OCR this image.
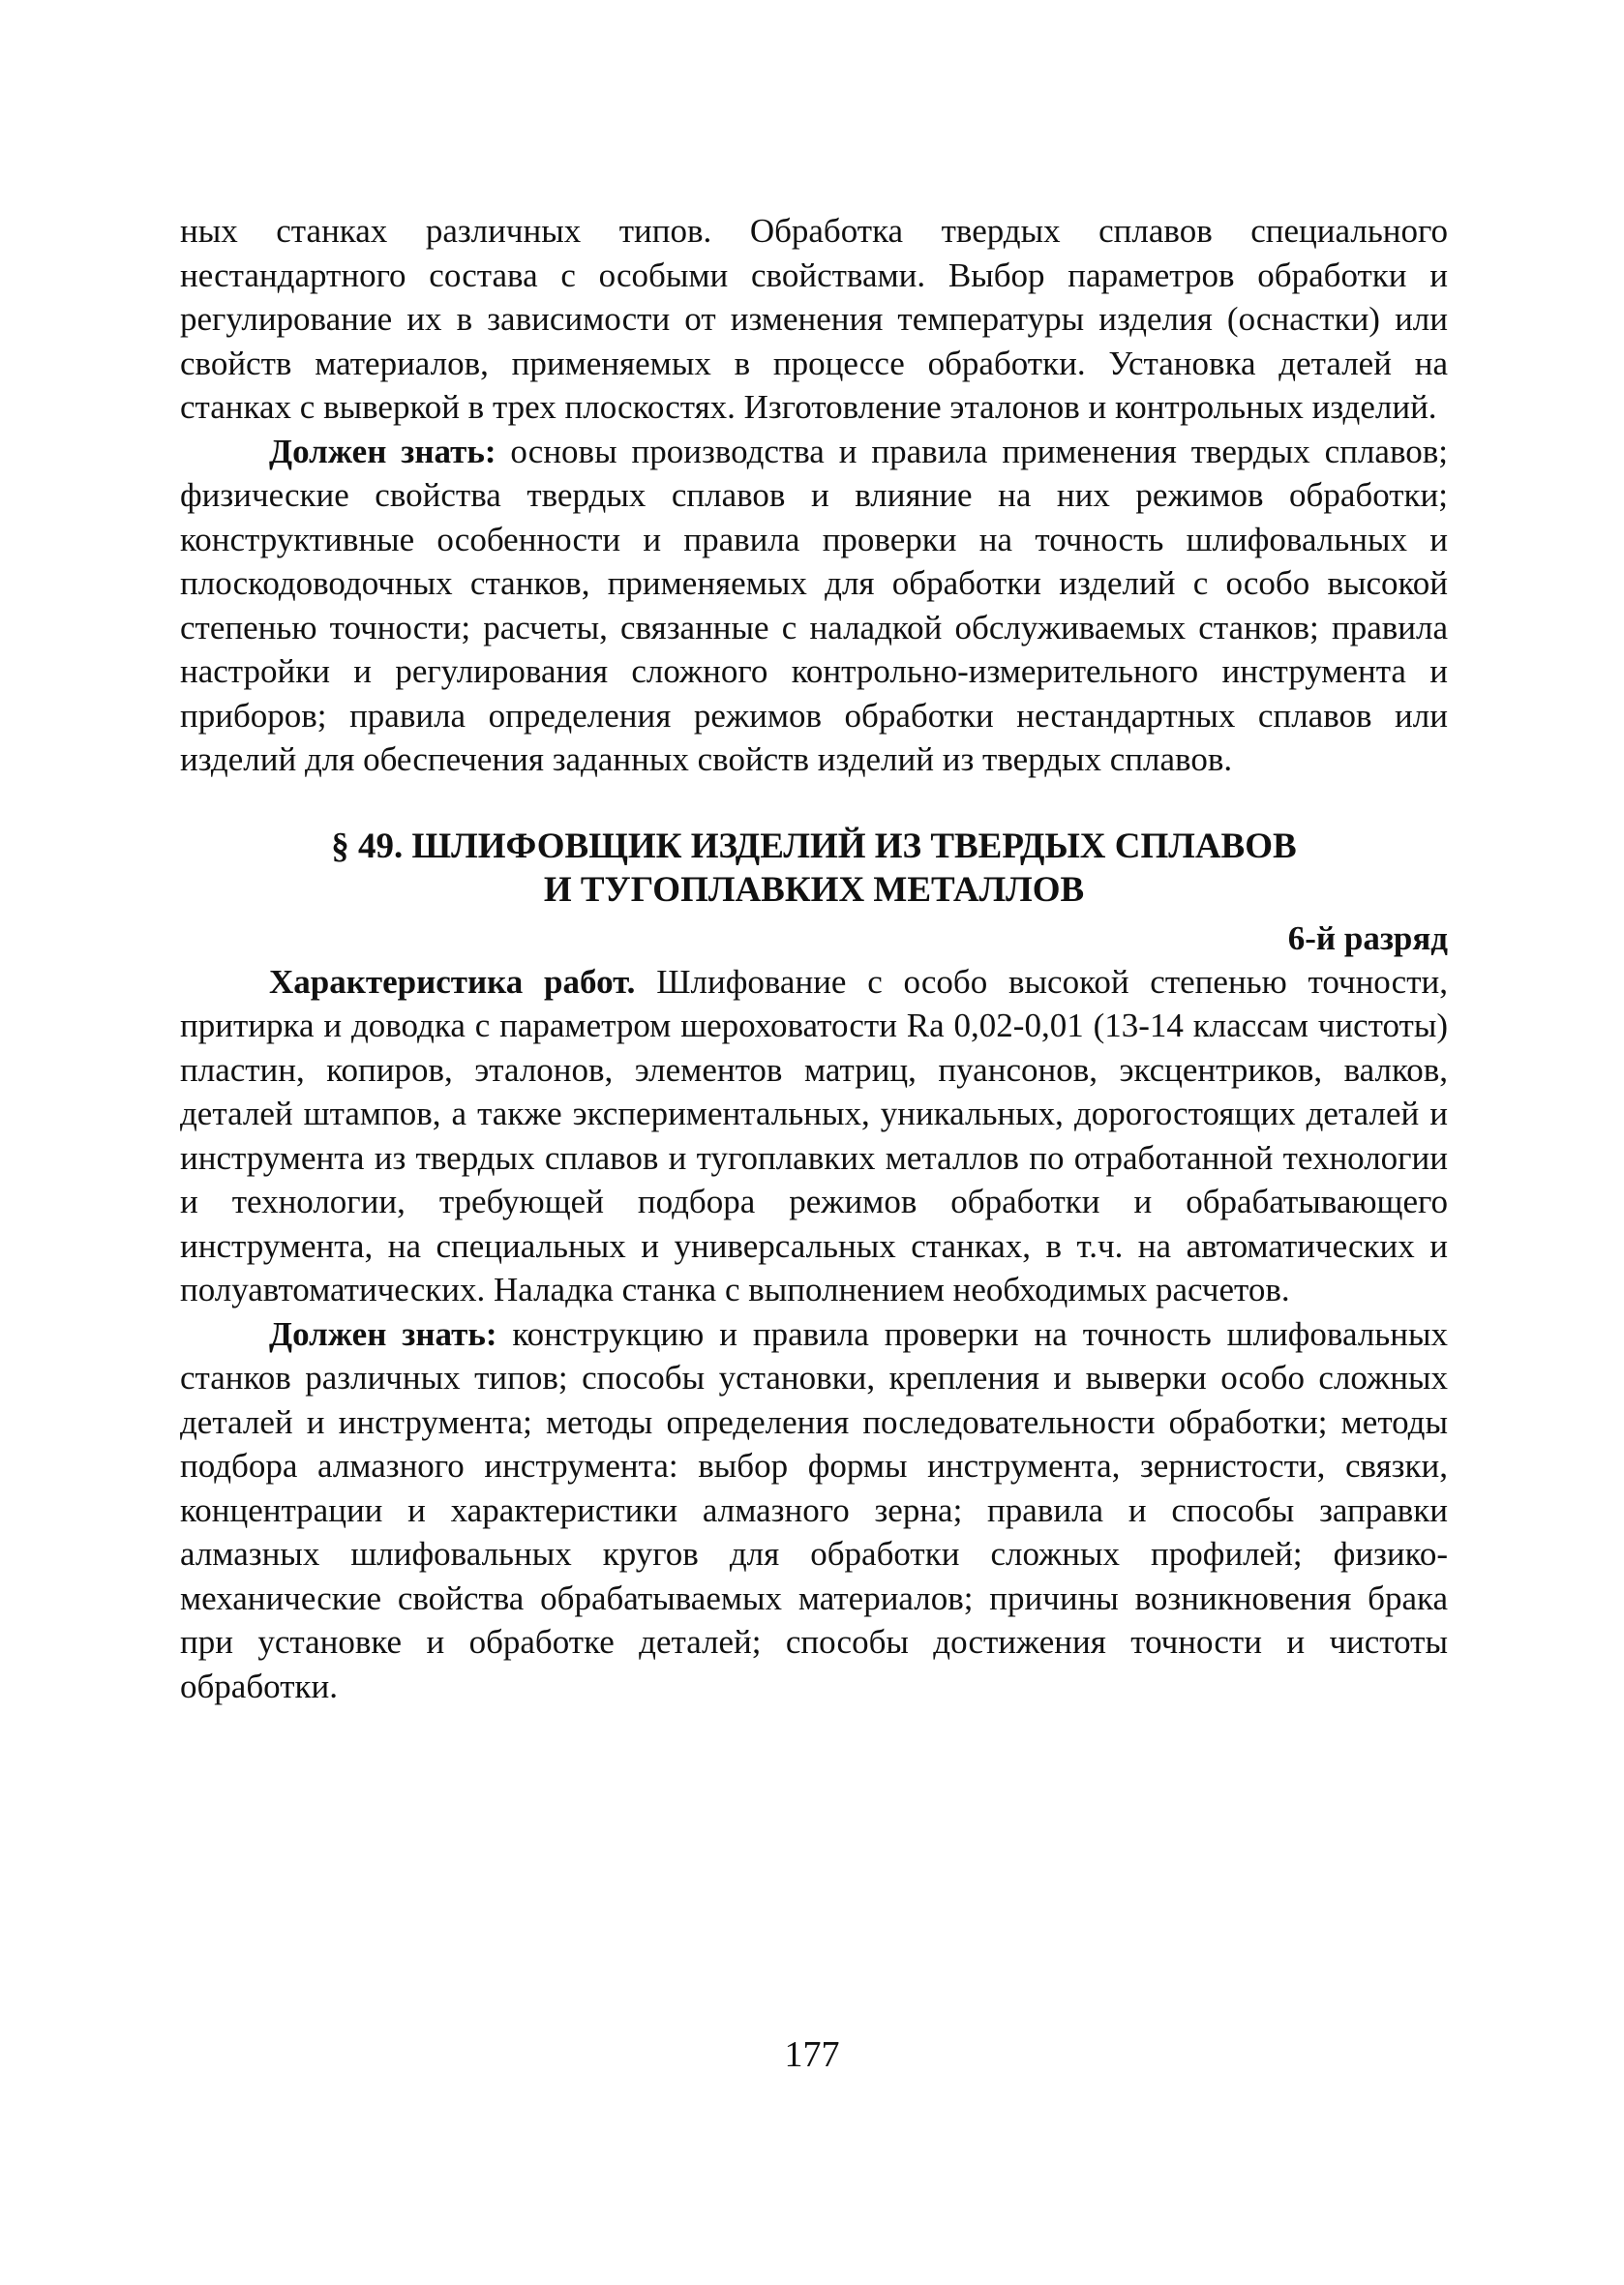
ных станках различных типов. Обработка твердых сплавов специального нестандартного состава с особыми свойствами. Выбор параметров обработки и регулирование их в зависимости от изменения температуры изделия (оснастки) или свойств материалов, применяемых в процессе обработки. Установка деталей на станках с выверкой в трех плоскостях. Изготовление эталонов и контрольных изделий.

Должен знать: основы производства и правила применения твердых сплавов; физические свойства твердых сплавов и влияние на них режимов обработки; конструктивные особенности и правила проверки на точность шлифовальных и плоскодоводочных станков, применяемых для обработки изделий с особо высокой степенью точности; расчеты, связанные с наладкой обслуживаемых станков; правила настройки и регулирования сложного контрольно-измерительного инструмента и приборов; правила определения режимов обработки нестандартных сплавов или изделий для обеспечения заданных свойств изделий из твердых сплавов.

§ 49. ШЛИФОВЩИК ИЗДЕЛИЙ ИЗ ТВЕРДЫХ СПЛАВОВ
И ТУГОПЛАВКИХ МЕТАЛЛОВ
6-й разряд

Характеристика работ. Шлифование с особо высокой степенью точности, притирка и доводка с параметром шероховатости Ra 0,02-0,01 (13-14 классам чистоты) пластин, копиров, эталонов, элементов матриц, пуансонов, эксцентриков, валков, деталей штампов, а также экспериментальных, уникальных, дорогостоящих деталей и инструмента из твердых сплавов и тугоплавких металлов по отработанной технологии и технологии, требующей подбора режимов обработки и обрабатывающего инструмента, на специальных и универсальных станках, в т.ч. на автоматических и полуавтоматических. Наладка станка с выполнением необходимых расчетов.

Должен знать: конструкцию и правила проверки на точность шлифовальных станков различных типов; способы установки, крепления и выверки особо сложных деталей и инструмента; методы определения последовательности обработки; методы подбора алмазного инструмента: выбор формы инструмента, зернистости, связки, концентрации и характеристики алмазного зерна; правила и способы заправки алмазных шлифовальных кругов для обработки сложных профилей; физико-механические свойства обрабатываемых материалов; причины возникновения брака при установке и обработке деталей; способы достижения точности и чистоты обработки.

177
